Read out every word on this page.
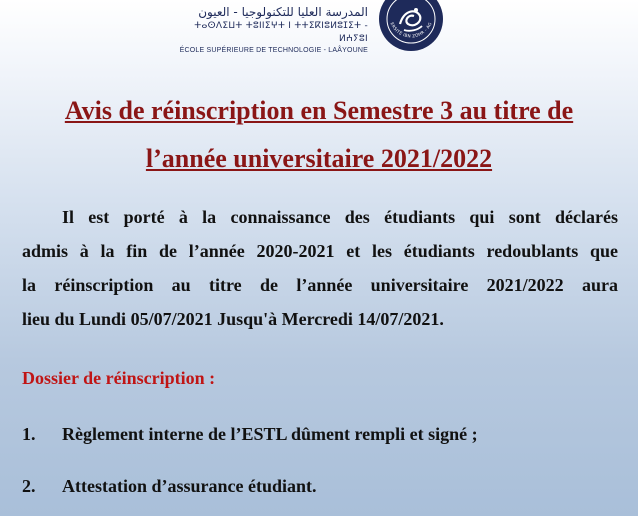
المدرسة العليا للتكنولوجيا - العيون
ⵜⴰⵙⴷⵉⵡⵜ ⵜⵓⵏⵏⵉⵖⵜ ⵏ ⵜⵜⵉⴽⵏⵓⵍⵓⵊⵉⵜ - ⵍⵄⵢⵓⵏ
ÉCOLE SUPÉRIEURE DE TECHNOLOGIE - LAÂYOUNE
ERSITÉ IBN ZOHR - AG
Avis de réinscription en Semestre 3 au titre de
l’année universitaire 2021/2022
Il est porté à la connaissance des étudiants qui sont déclarés
admis à la fin de l’année 2020-2021 et les étudiants redoublants que
la réinscription au titre de l’année universitaire 2021/2022 aura
lieu du Lundi 05/07/2021 Jusqu'à Mercredi 14/07/2021.
Dossier de réinscription :
1. Règlement interne de l’ESTL dûment rempli et signé ;
2. Attestation d’assurance étudiant.
